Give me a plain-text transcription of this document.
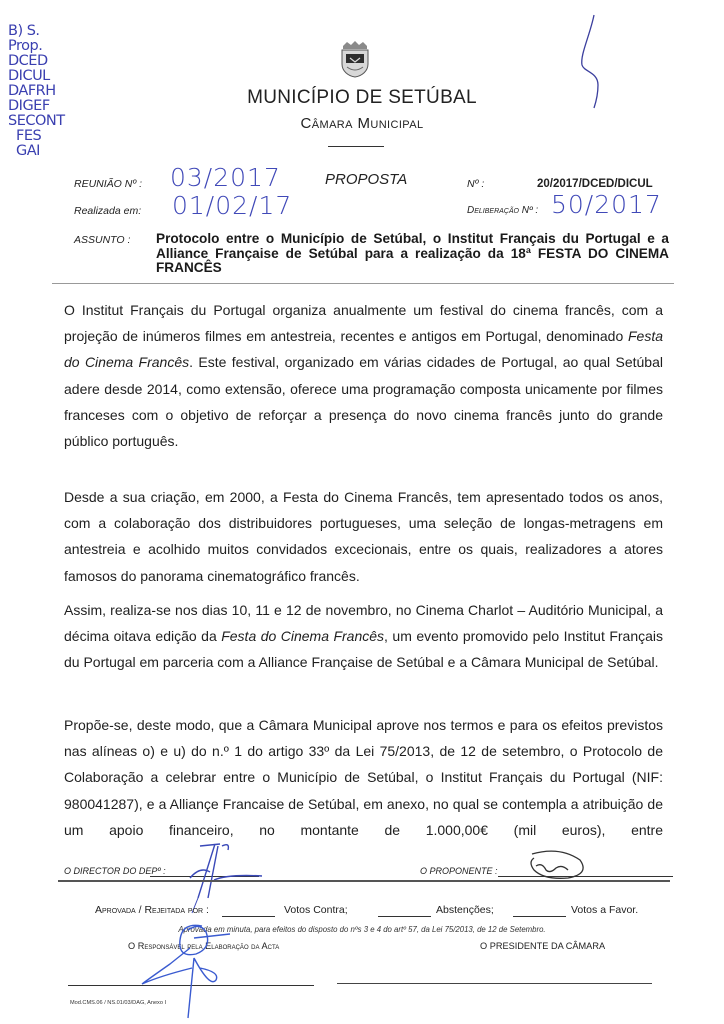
B) S.
Prop.
DCED
DICUL
DAFRH
DIGEF
SECONT
FES
GAI
MUNICÍPIO DE SETÚBAL
Câmara Municipal
REUNIÃO Nº : 03/2017
Realizada em: 01/02/17
PROPOSTA	Nº :	20/2017/DCED/DICUL
Deliberação Nº : 50/2017
ASSUNTO : Protocolo entre o Município de Setúbal, o Institut Français du Portugal e a Alliance Française de Setúbal para a realização da 18ª FESTA DO CINEMA FRANCÊS

O Institut Français du Portugal organiza anualmente um festival do cinema francês, com a projeção de inúmeros filmes em antestreia, recentes e antigos em Portugal, denominado Festa do Cinema Francês. Este festival, organizado em várias cidades de Portugal, ao qual Setúbal adere desde 2014, como extensão, oferece uma programação composta unicamente por filmes franceses com o objetivo de reforçar a presença do novo cinema francês junto do grande público português.

Desde a sua criação, em 2000, a Festa do Cinema Francês, tem apresentado todos os anos, com a colaboração dos distribuidores portugueses, uma seleção de longas-metragens em antestreia e acolhido muitos convidados excecionais, entre os quais, realizadores a atores famosos do panorama cinematográfico francês.

Assim, realiza-se nos dias 10, 11 e 12 de novembro, no Cinema Charlot – Auditório Municipal, a décima oitava edição da Festa do Cinema Francês, um evento promovido pelo Institut Français du Portugal em parceria com a Alliance Française de Setúbal e a Câmara Municipal de Setúbal.

Propõe-se, deste modo, que a Câmara Municipal aprove nos termos e para os efeitos previstos nas alíneas o) e u) do n.º 1 do artigo 33º da Lei 75/2013, de 12 de setembro, o Protocolo de Colaboração a celebrar entre o Município de Setúbal, o Institut Français du Portugal (NIF: 980041287), e a Alliançe Francaise de Setúbal, em anexo, no qual se contempla a atribuição de um apoio financeiro, no montante de 1.000,00€ (mil euros), entre

O DIRECTOR DO DEPº :	O PROPONENTE :
Aprovada / Rejeitada por :	Votos Contra;	Abstenções;	Votos a Favor.
Aprovada em minuta, para efeitos do disposto do nºs 3 e 4 do artº 57, da Lei 75/2013, de 12 de Setembro.
O Responsável pela Elaboração da Acta	O PRESIDENTE DA CÂMARA
Mod.CMS.06 / NS.01/03/DAG, Anexo I
